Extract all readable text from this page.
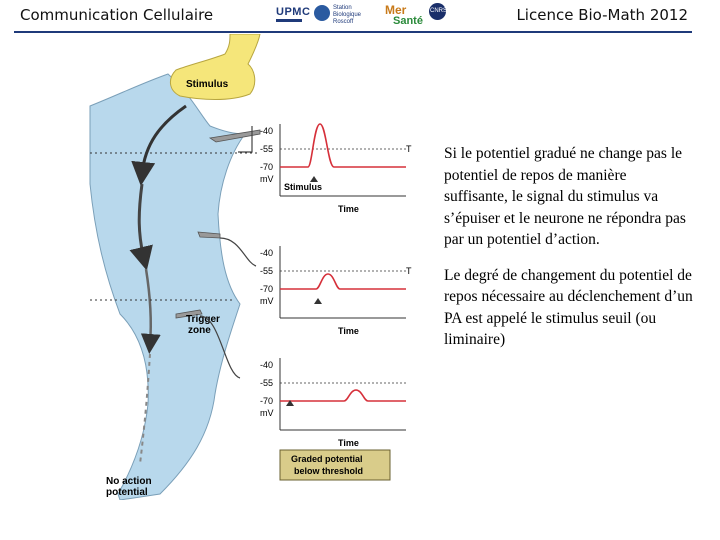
Communication Cellulaire	Licence Bio-Math 2012
UPMC	Station Biologique Roscoff
Mer
Santé
CNRS
Stimulus
Trigger
zone
No action
potential
-40
-55
-70
mV
T
Stimulus
Time
-40
-55
-70
mV
T
Time
-40
-55
-70
mV
Time
Graded potential
below threshold

Si le potentiel gradué ne change pas le potentiel de repos de manière suffisante, le signal du stimulus va s’épuiser et le neurone ne répondra pas par un potentiel d’action.

Le degré de changement du potentiel de repos nécessaire au déclenchement d’un PA est appelé le stimulus seuil (ou liminaire)
